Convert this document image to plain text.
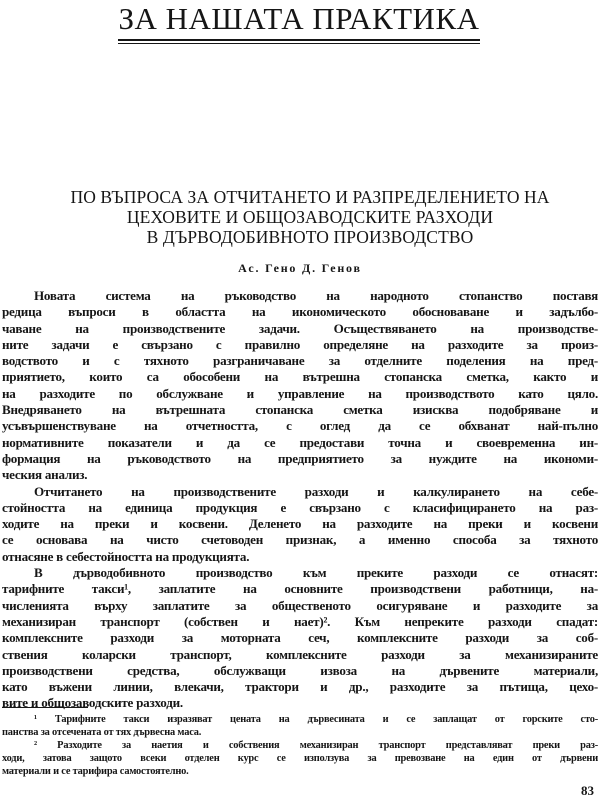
ЗА НАШАТА ПРАКТИКА

ПО ВЪПРОСА ЗА ОТЧИТАНЕТО И РАЗПРЕДЕЛЕНИЕТО НА
ЦЕХОВИТЕ И ОБЩОЗАВОДСКИТЕ РАЗХОДИ
В ДЪРВОДОБИВНОТО ПРОИЗВОДСТВО
Ас. Гено Д. Генов

Новата система на ръководство на народното стопанство поставя
редица въпроси в областта на икономическото обосноваване и задълбо-
чаване на производствените задачи. Осъществяването на производстве-
ните задачи е свързано с правилно определяне на разходите за произ-
водството и с тяхното разграничаване за отделните поделения на пред-
приятието, които са обособени на вътрешна стопанска сметка, както и
на разходите по обслужване и управление на производството като цяло.
Внедряването на вътрешната стопанска сметка изисква подобряване и
усъвършенствуване на отчетността, с оглед да се обхванат най-пълно
нормативните показатели и да се предостави точна и своевременна ин-
формация на ръководството на предприятието за нуждите на икономи-
ческия анализ.

Отчитането на производствените разходи и калкулирането на себе-
стойността на единица продукция е свързано с класифицирането на раз-
ходите на преки и косвени. Деленето на разходите на преки и косвени
се основава на чисто счетоводен признак, а именно способа за тяхното
отнасяне в себестойността на продукцията.

В дърводобивното производство към преките разходи се отнасят:
тарифните такси¹, заплатите на основните производствени работници, на-
численията върху заплатите за общественото осигуряване и разходите за
механизиран транспорт (собствен и нает)². Към непреките разходи спадат:
комплексните разходи за моторната сеч, комплексните разходи за соб-
ствения коларски транспорт, комплексните разходи за механизираните
производствени средства, обслужващи извоза на дървените материали,
като въжени линии, влекачи, трактори и др., разходите за пътища, цехо-
вите и общозаводските разходи.

¹ Тарифните такси изразяват цената на дървесината и се заплащат от горските сто-
панства за отсечената от тях дървесна маса.

² Разходите за наетия и собствения механизиран транспорт представляват преки раз-
ходи, затова защото всеки отделен курс се използува за превозване на един от дървени
материали и се тарифира самостоятелно.

83
